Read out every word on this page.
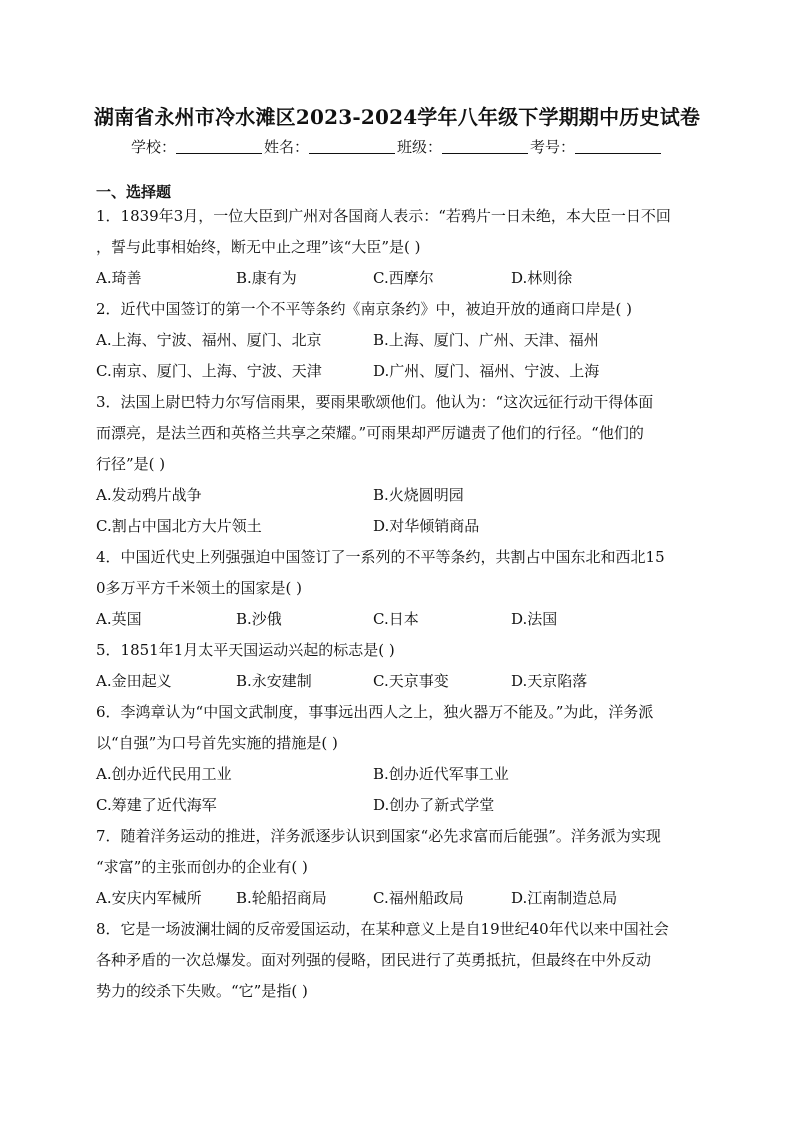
湖南省永州市冷水滩区2023-2024学年八年级下学期期中历史试卷
学校：	姓名：	班级：	考号：
一、选择题
1．1839年3月，一位大臣到广州对各国商人表示：“若鸦片一日未绝，本大臣一日不回
，誓与此事相始终，断无中止之理”该“大臣”是( )
A.琦善	B.康有为	C.西摩尔	D.林则徐
2．近代中国签订的第一个不平等条约《南京条约》中，被迫开放的通商口岸是( )
A.上海、宁波、福州、厦门、北京	B.上海、厦门、广州、天津、福州
C.南京、厦门、上海、宁波、天津	D.广州、厦门、福州、宁波、上海
3．法国上尉巴特力尔写信雨果，要雨果歌颂他们。他认为：“这次远征行动干得体面
而漂亮，是法兰西和英格兰共享之荣耀。”可雨果却严厉谴责了他们的行径。“他们的
行径”是( )
A.发动鸦片战争	B.火烧圆明园
C.割占中国北方大片领土	D.对华倾销商品
4．中国近代史上列强强迫中国签订了一系列的不平等条约，共割占中国东北和西北15
0多万平方千米领土的国家是( )
A.英国	B.沙俄	C.日本	D.法国
5．1851年1月太平天国运动兴起的标志是( )
A.金田起义	B.永安建制	C.天京事变	D.天京陷落
6．李鸿章认为“中国文武制度，事事远出西人之上，独火器万不能及。”为此，洋务派
以“自强”为口号首先实施的措施是( )
A.创办近代民用工业	B.创办近代军事工业
C.筹建了近代海军	D.创办了新式学堂
7．随着洋务运动的推进，洋务派逐步认识到国家“必先求富而后能强”。洋务派为实现
“求富”的主张而创办的企业有( )
A.安庆内军械所 B.轮船招商局	C.福州船政局	D.江南制造总局
8．它是一场波澜壮阔的反帝爱国运动，在某种意义上是自19世纪40年代以来中国社会
各种矛盾的一次总爆发。面对列强的侵略，团民进行了英勇抵抗，但最终在中外反动
势力的绞杀下失败。“它”是指( )
